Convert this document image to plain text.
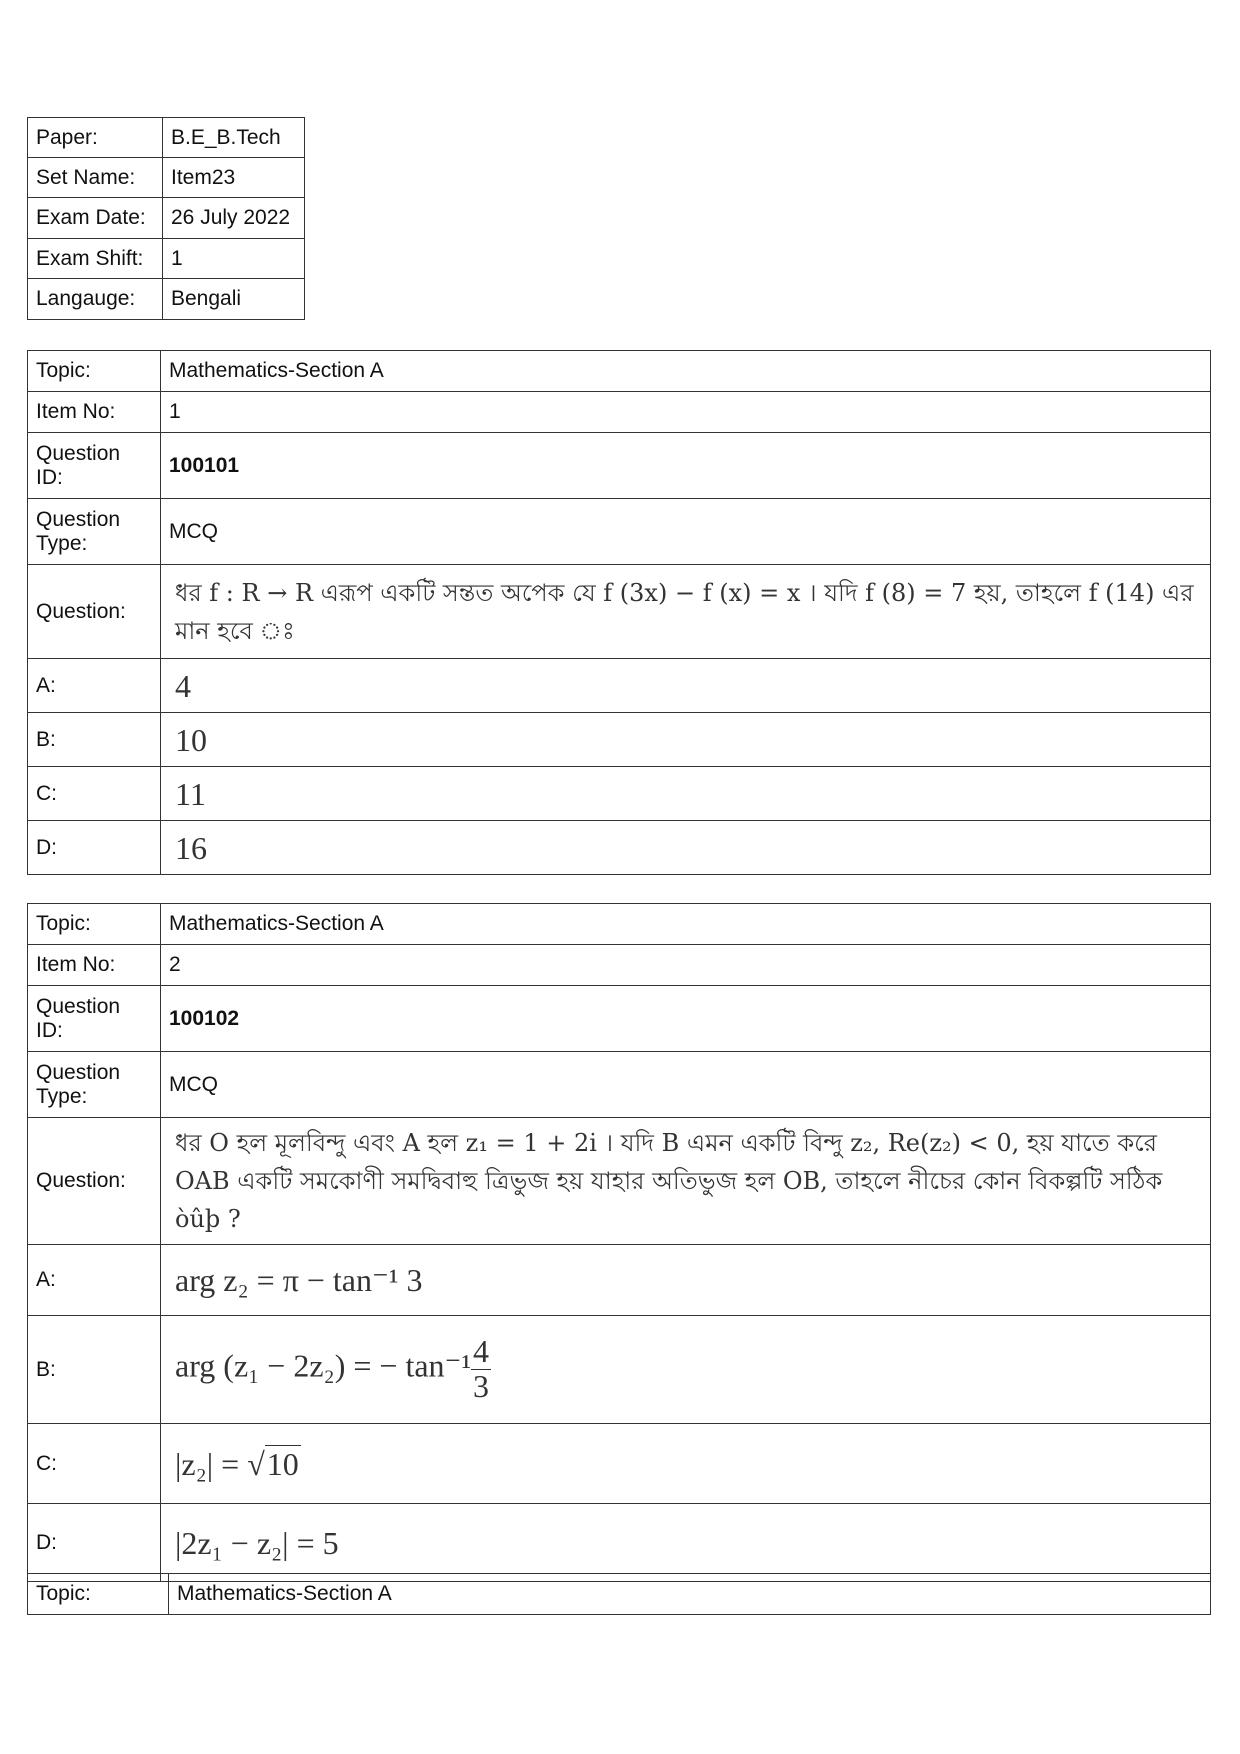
Paper:	B.E_B.Tech
Set Name:	Item23
Exam Date:	26 July 2022
Exam Shift:	1
Langauge:	Bengali
Topic:	Mathematics-Section A
Item No:	1
Question ID:	100101
Question Type:	MCQ
Question:	ধর f : R → R এরূপ একটি সন্তত অপেক যে f (3x) − f (x) = x । যদি f (8) = 7 হয়, তাহলে f (14) এর মান হবে ঃ
A:	4
B:	10
C:	11
D:	16
Topic:	Mathematics-Section A
Item No:	2
Question ID:	100102
Question Type:	MCQ
Question:	ধর O হল মূলবিন্দু এবং A হল z₁ = 1 + 2i । যদি B এমন একটি বিন্দু z₂, Re(z₂) < 0, হয় যাতে করে OAB একটি সমকোণী সমদ্বিবাহু ত্রিভুজ হয় যাহার অতিভুজ হল OB, তাহলে নীচের কোন বিকল্পটি সঠিক òûþ ?
A:	arg z₂ = π − tan⁻¹ 3
B:	arg (z₁ − 2z₂) = − $\tan^{-1} \frac{4}{3}$

C:	|z₂| = √10
D:	|2z₁ − z₂| = 5
Topic:	Mathematics-Section A
